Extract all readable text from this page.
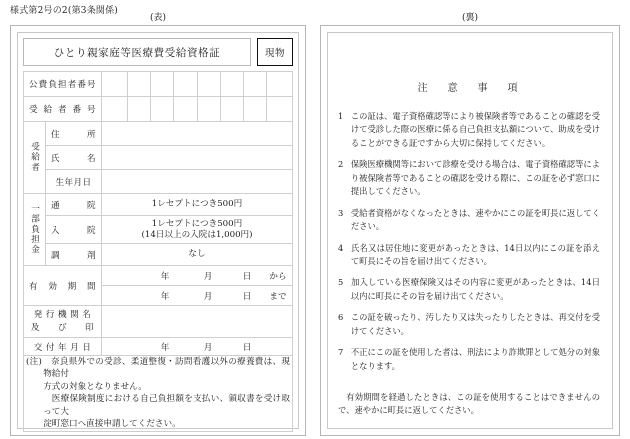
様式第2号の2(第3条関係)
(表)
ひとり親家庭等医療費受給資格証	現物
公費負担者番号	

受 給 者 番 号	

受給者	住　　所	
氏　　名	
生年月日	
一部負担金	通　　院	1レセプトにつき500円
入　　院	1レセプトにつき500円
(14日以上の入院は1,000円)
調　　剤	なし
有　効　期　間	年	月	日 から
年	月	日 まで

発 行 機 関 名
及　　び　　印

交 付 年 月 日	年	月	日

(注)　奈良県外での受診、柔道整復・訪問看護以外の療養費は、現物給付
方式の対象となりません。
医療保険制度における自己負担額を支払い、領収書を受け取って大
淀町窓口へ直接申請してください。
(裏)
注　意　事　項
1 この証は、電子資格確認等により被保険者等であることの確認を受けて受診した際の医療に係る自己負担支払額について、助成を受けることができる証ですから大切に保持してください。
2 保険医療機関等において診療を受ける場合は、電子資格確認等により被保険者等であることの確認を受ける際に、この証を必ず窓口に提出してください。
3 受給者資格がなくなったときは、速やかにこの証を町長に返してください。
4 氏名又は居住地に変更があったときは、14日以内にこの証を添えて町長にその旨を届け出てください。
5 加入している医療保険又はその内容に変更があったときは、14日以内に町長にその旨を届け出てください。
6 この証を破ったり、汚したり又は失ったりしたときは、再交付を受けてください。
7 不正にこの証を使用した者は、刑法により詐欺罪として処分の対象となります。
有効期間を経過したときは、この証を使用することはできませんので、速やかに町長に返してください。
